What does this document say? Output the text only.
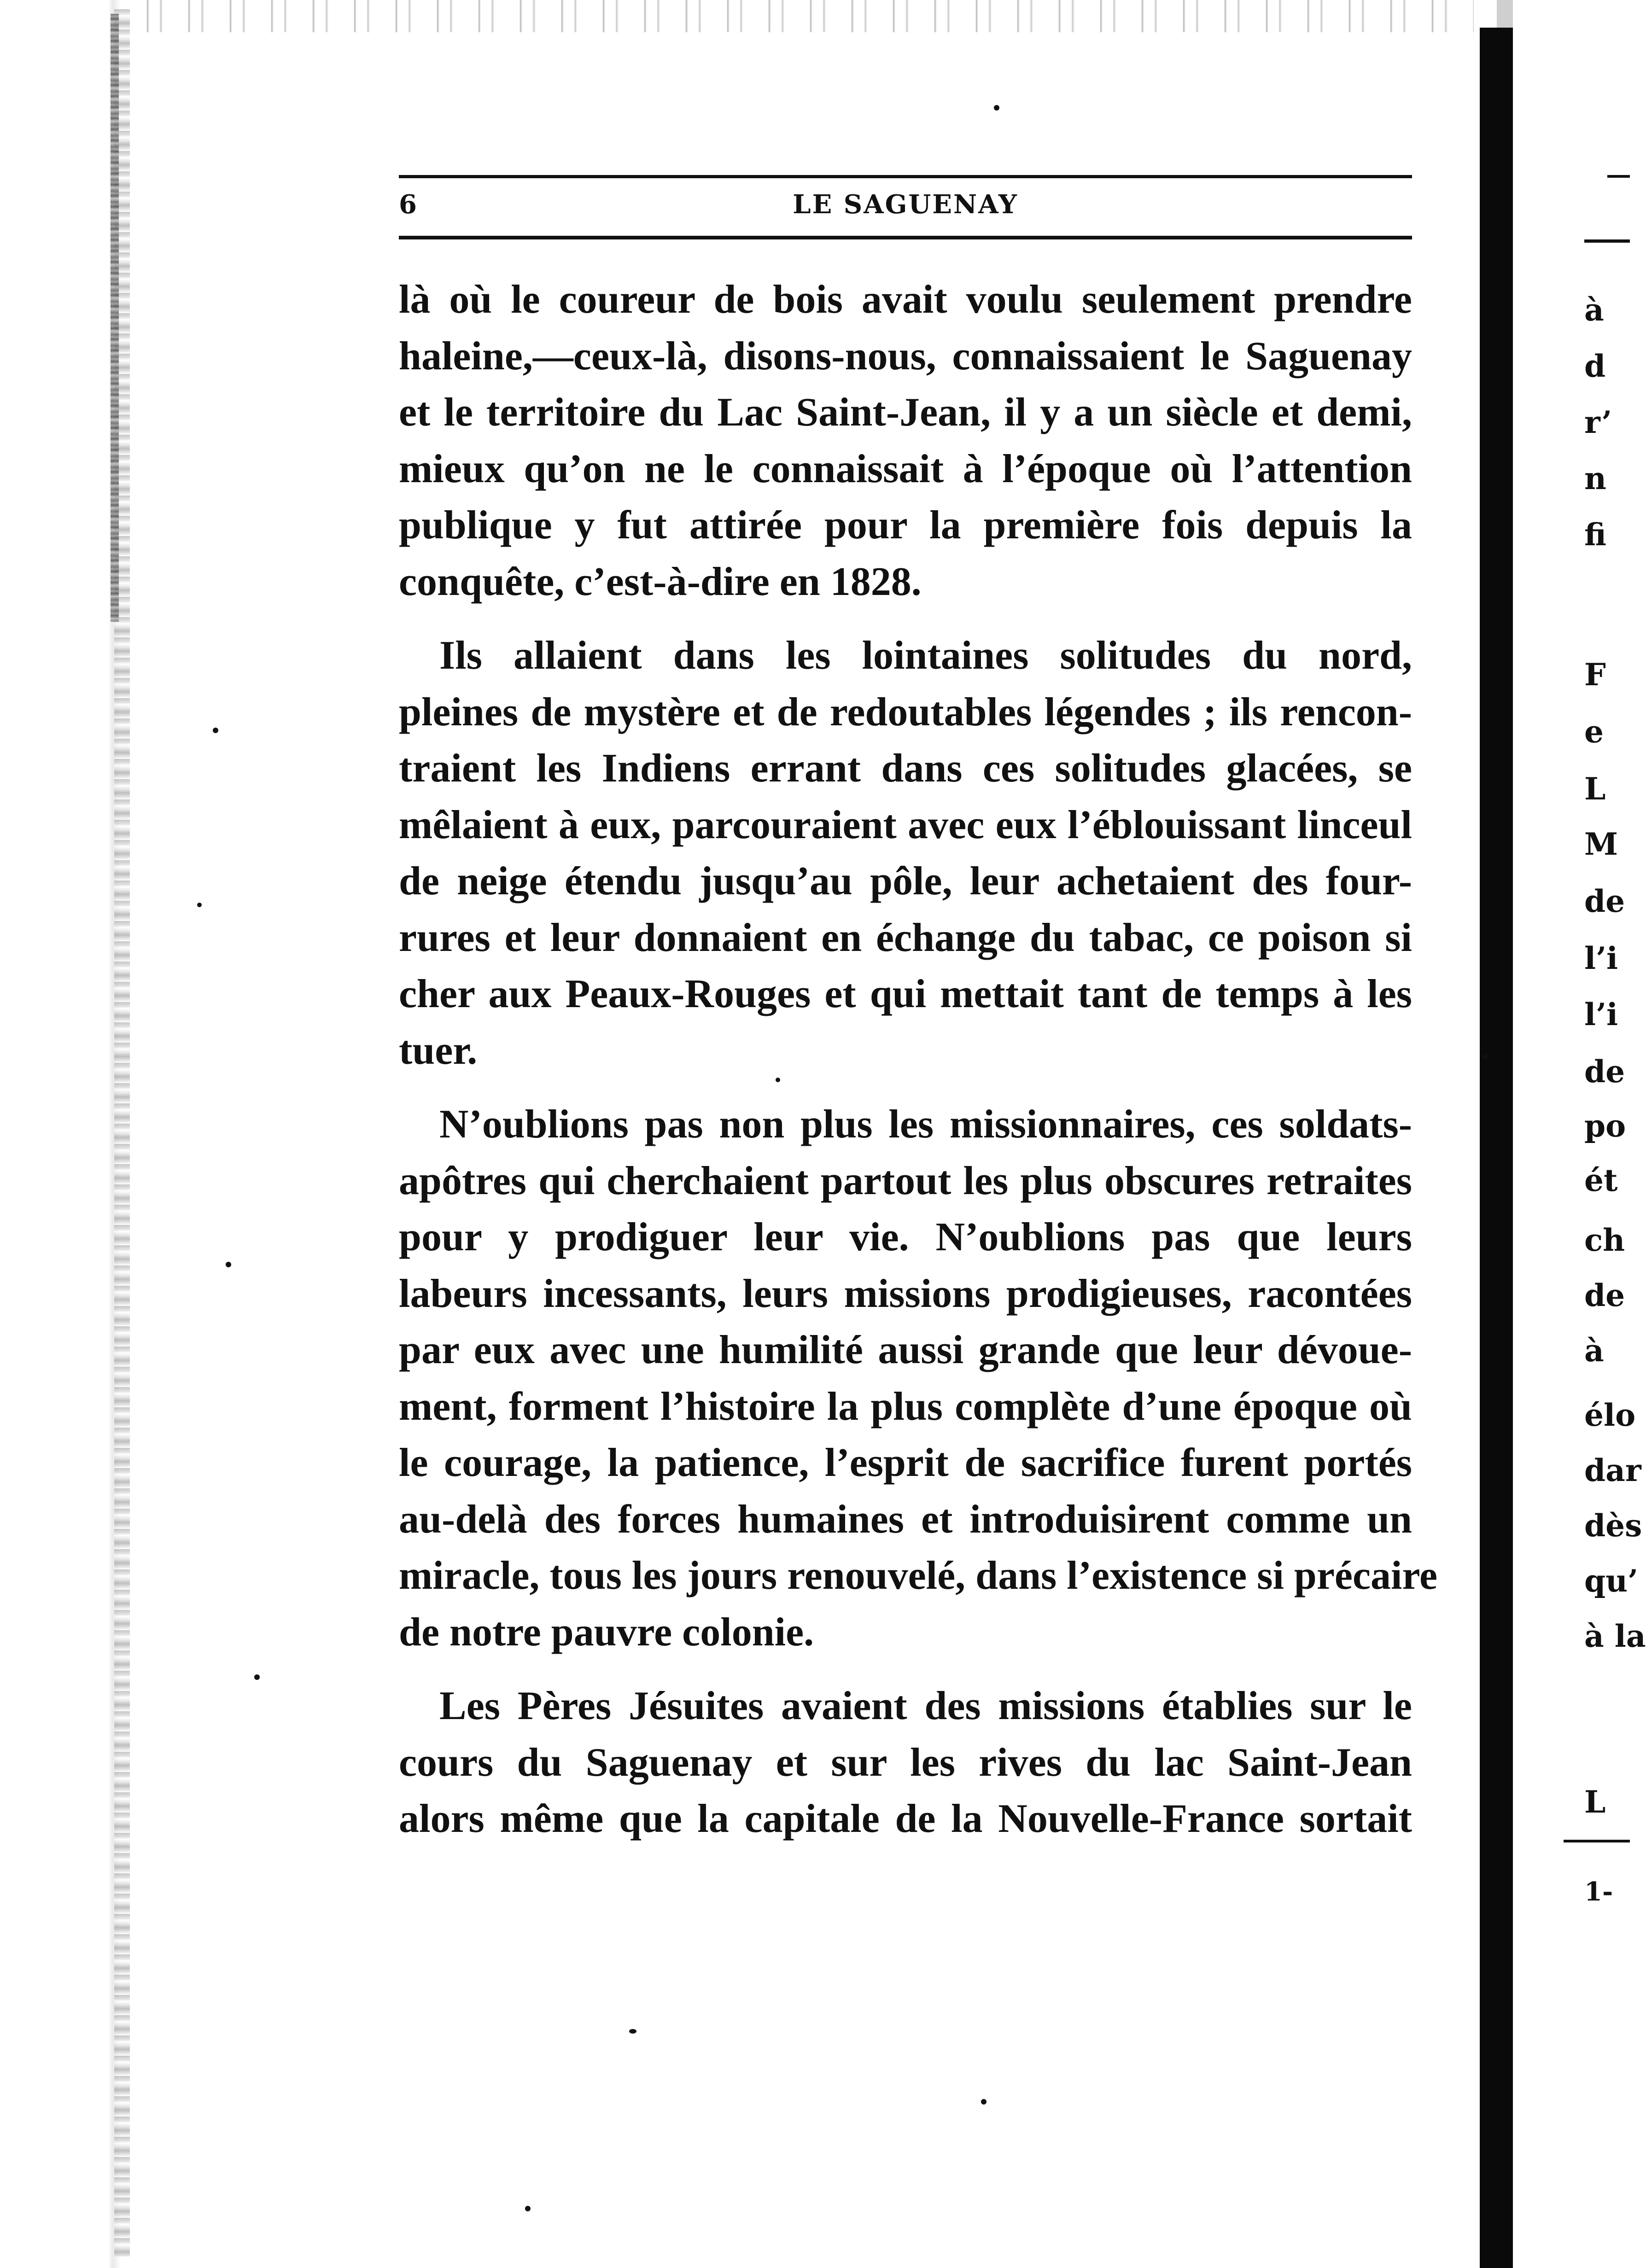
6	LE SAGUENAY

là où le coureur de bois avait voulu seulement prendre
haleine,—ceux-là, disons-nous, connaissaient le Saguenay
et le territoire du Lac Saint-Jean, il y a un siècle et demi,
mieux qu’on ne le connaissait à l’époque où l’attention
publique y fut attirée pour la première fois depuis la
conquête, c’est-à-dire en 1828.

Ils allaient dans les lointaines solitudes du nord,
pleines de mystère et de redoutables légendes ; ils rencon-
traient les Indiens errant dans ces solitudes glacées, se
mêlaient à eux, parcouraient avec eux l’éblouissant linceul
de neige étendu jusqu’au pôle, leur achetaient des four-
rures et leur donnaient en échange du tabac, ce poison si
cher aux Peaux-Rouges et qui mettait tant de temps à les
tuer.

N’oublions pas non plus les missionnaires, ces soldats-
apôtres qui cherchaient partout les plus obscures retraites
pour y prodiguer leur vie. N’oublions pas que leurs
labeurs incessants, leurs missions prodigieuses, racontées
par eux avec une humilité aussi grande que leur dévoue-
ment, forment l’histoire la plus complète d’une époque où
le courage, la patience, l’esprit de sacrifice furent portés
au-delà des forces humaines et introduisirent comme un
miracle, tous les jours renouvelé, dans l’existence si précaire
de notre pauvre colonie.

Les Pères Jésuites avaient des missions établies sur le
cours du Saguenay et sur les rives du lac Saint-Jean
alors même que la capitale de la Nouvelle-France sortait

à
d
r’
n
fi
F
e
L
M
de
l’i
l’i
de
po
ét
ch
de
à
élo
dar
dès
qu’
à la
L
1-
